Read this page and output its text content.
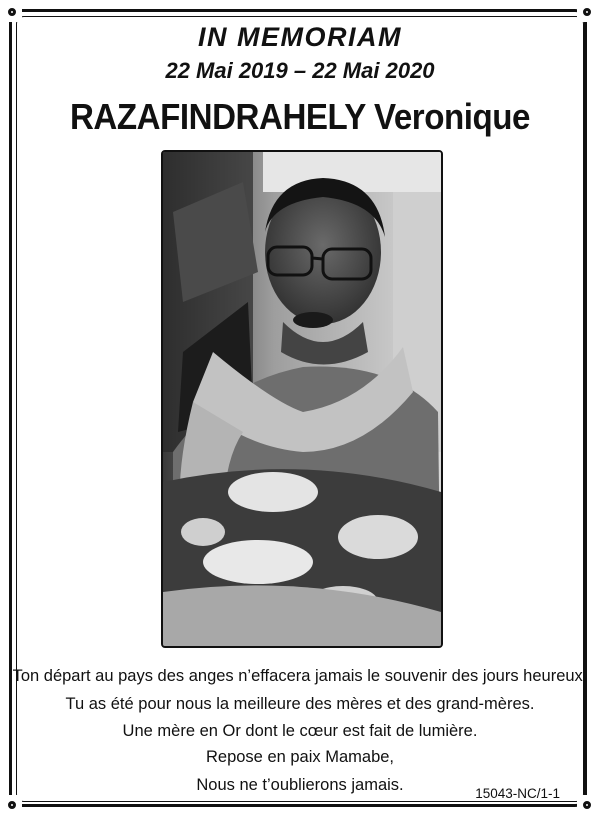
IN MEMORIAM

22 Mai 2019 – 22 Mai 2020

RAZAFINDRAHELY Veronique

Ton départ au pays des anges n’effacera jamais le souvenir des jours heureux.

Tu as été pour nous la meilleure des mères et des grand-mères.

Une mère en Or dont le cœur est fait de lumière.

Repose en paix Mamabe,

Nous ne t’oublierons jamais.	15043-NC/1-1
